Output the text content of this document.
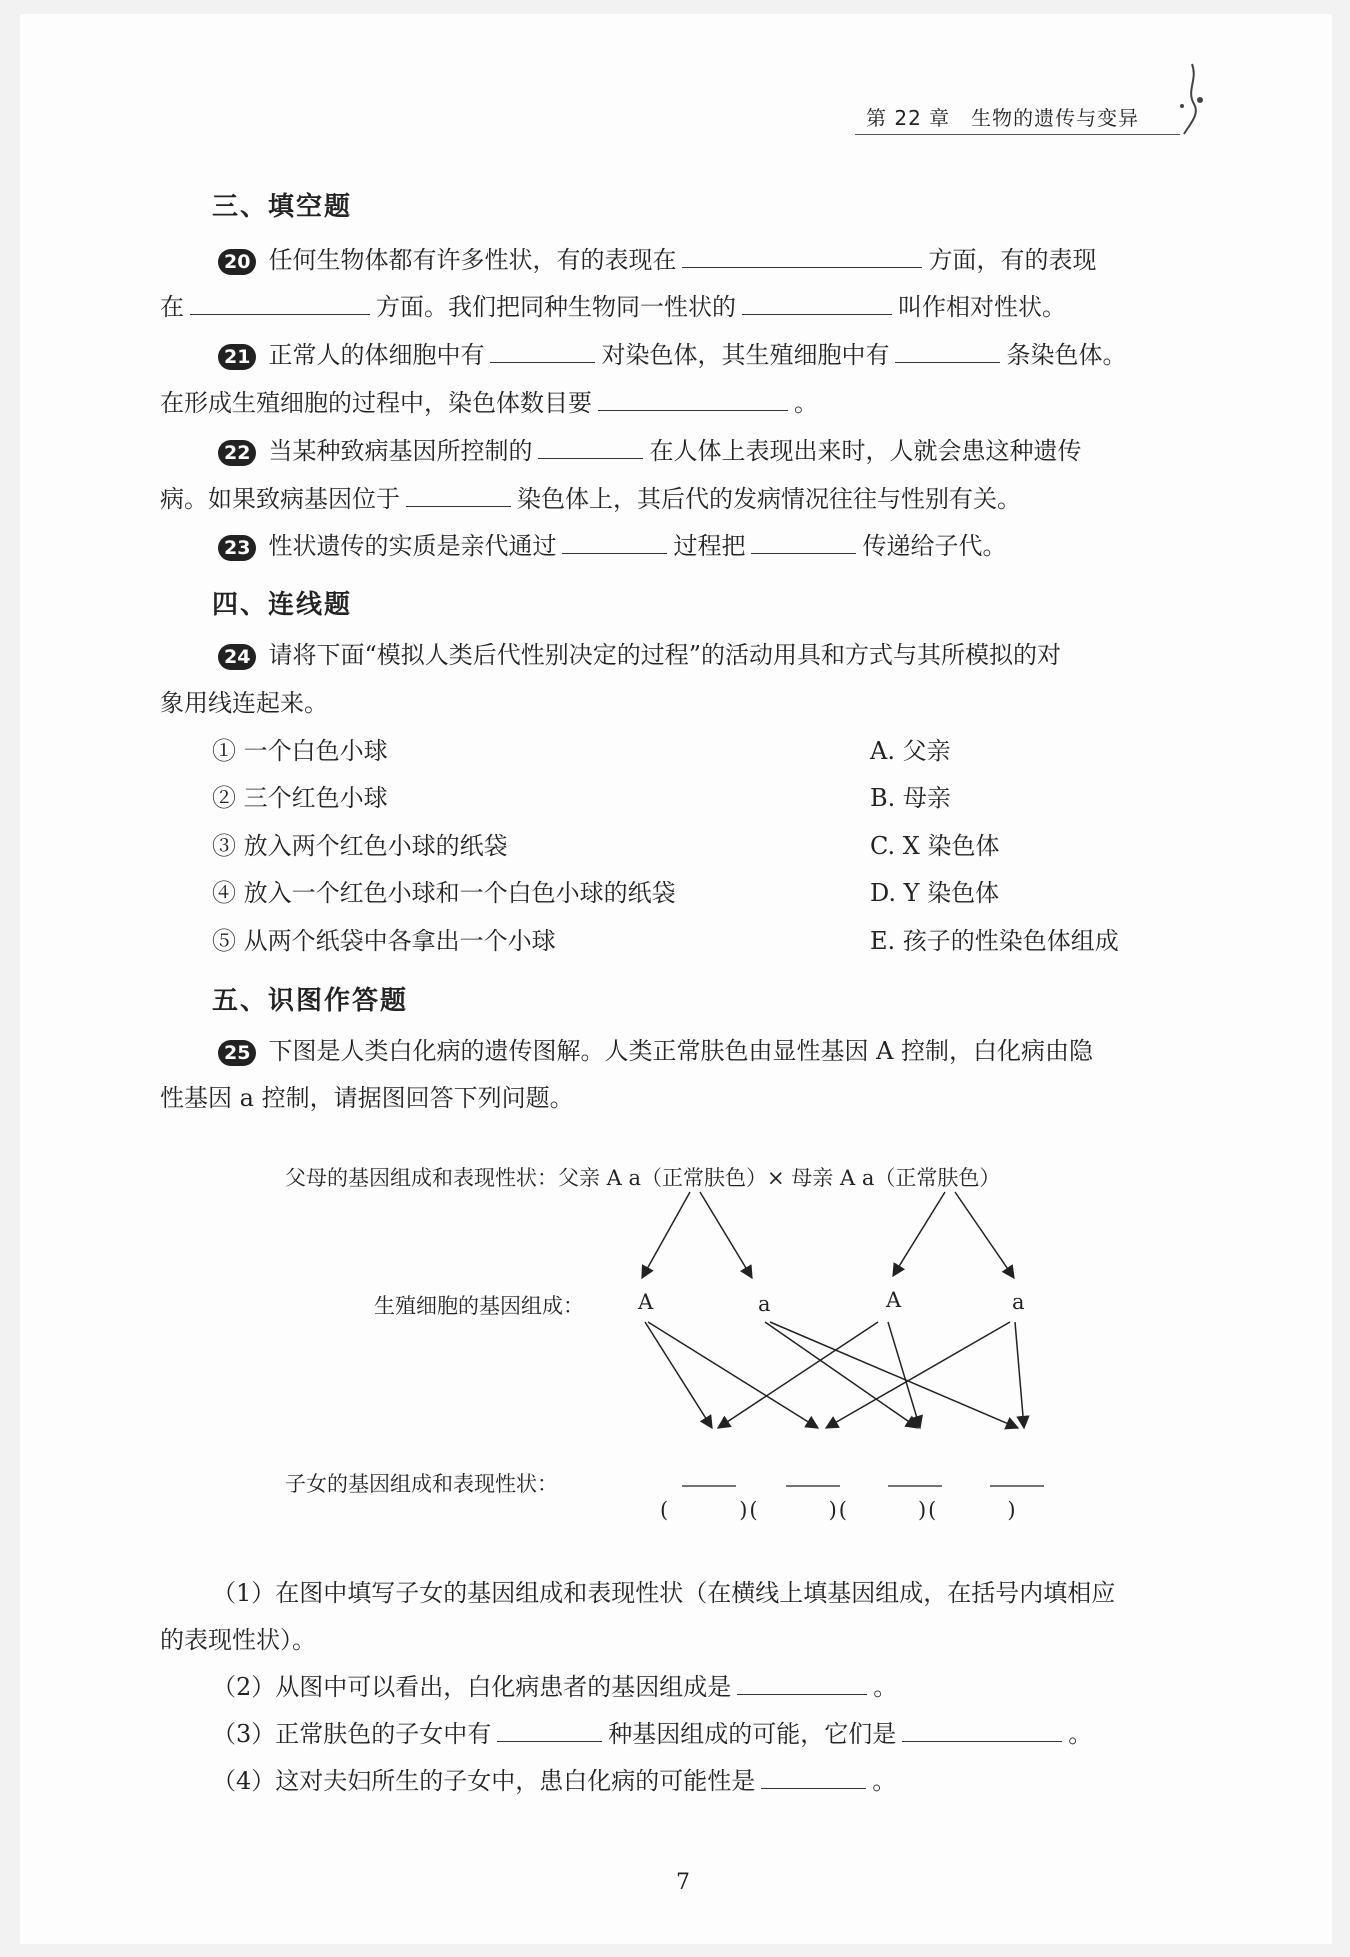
第 22 章　生物的遗传与变异
三、填空题
20 任何生物体都有许多性状，有的表现在	方面，有的表现
在	方面。我们把同种生物同一性状的	叫作相对性状。
21 正常人的体细胞中有	对染色体，其生殖细胞中有	条染色体。
在形成生殖细胞的过程中，染色体数目要	。
22 当某种致病基因所控制的	在人体上表现出来时，人就会患这种遗传
病。如果致病基因位于	染色体上，其后代的发病情况往往与性别有关。
23 性状遗传的实质是亲代通过	过程把	传递给子代。
四、连线题
24 请将下面“模拟人类后代性别决定的过程”的活动用具和方式与其所模拟的对
象用线连起来。
① 一个白色小球
② 三个红色小球
③ 放入两个红色小球的纸袋
④ 放入一个红色小球和一个白色小球的纸袋
⑤ 从两个纸袋中各拿出一个小球
A. 父亲
B. 母亲
C. X 染色体
D. Y 染色体
E. 孩子的性染色体组成
五、识图作答题
25 下图是人类白化病的遗传图解。人类正常肤色由显性基因 A 控制，白化病由隐
性基因 a 控制，请据图回答下列问题。
父母的基因组成和表现性状：父亲 A a（正常肤色）× 母亲 A a（正常肤色）
生殖细胞的基因组成：	A	a	A	a
子女的基因组成和表现性状：
(　　　)(　　　)(　　　)(　　　)
（1）在图中填写子女的基因组成和表现性状（在横线上填基因组成，在括号内填相应
的表现性状）。
（2）从图中可以看出，白化病患者的基因组成是	。
（3）正常肤色的子女中有	种基因组成的可能，它们是	。
（4）这对夫妇所生的子女中，患白化病的可能性是	。
7
